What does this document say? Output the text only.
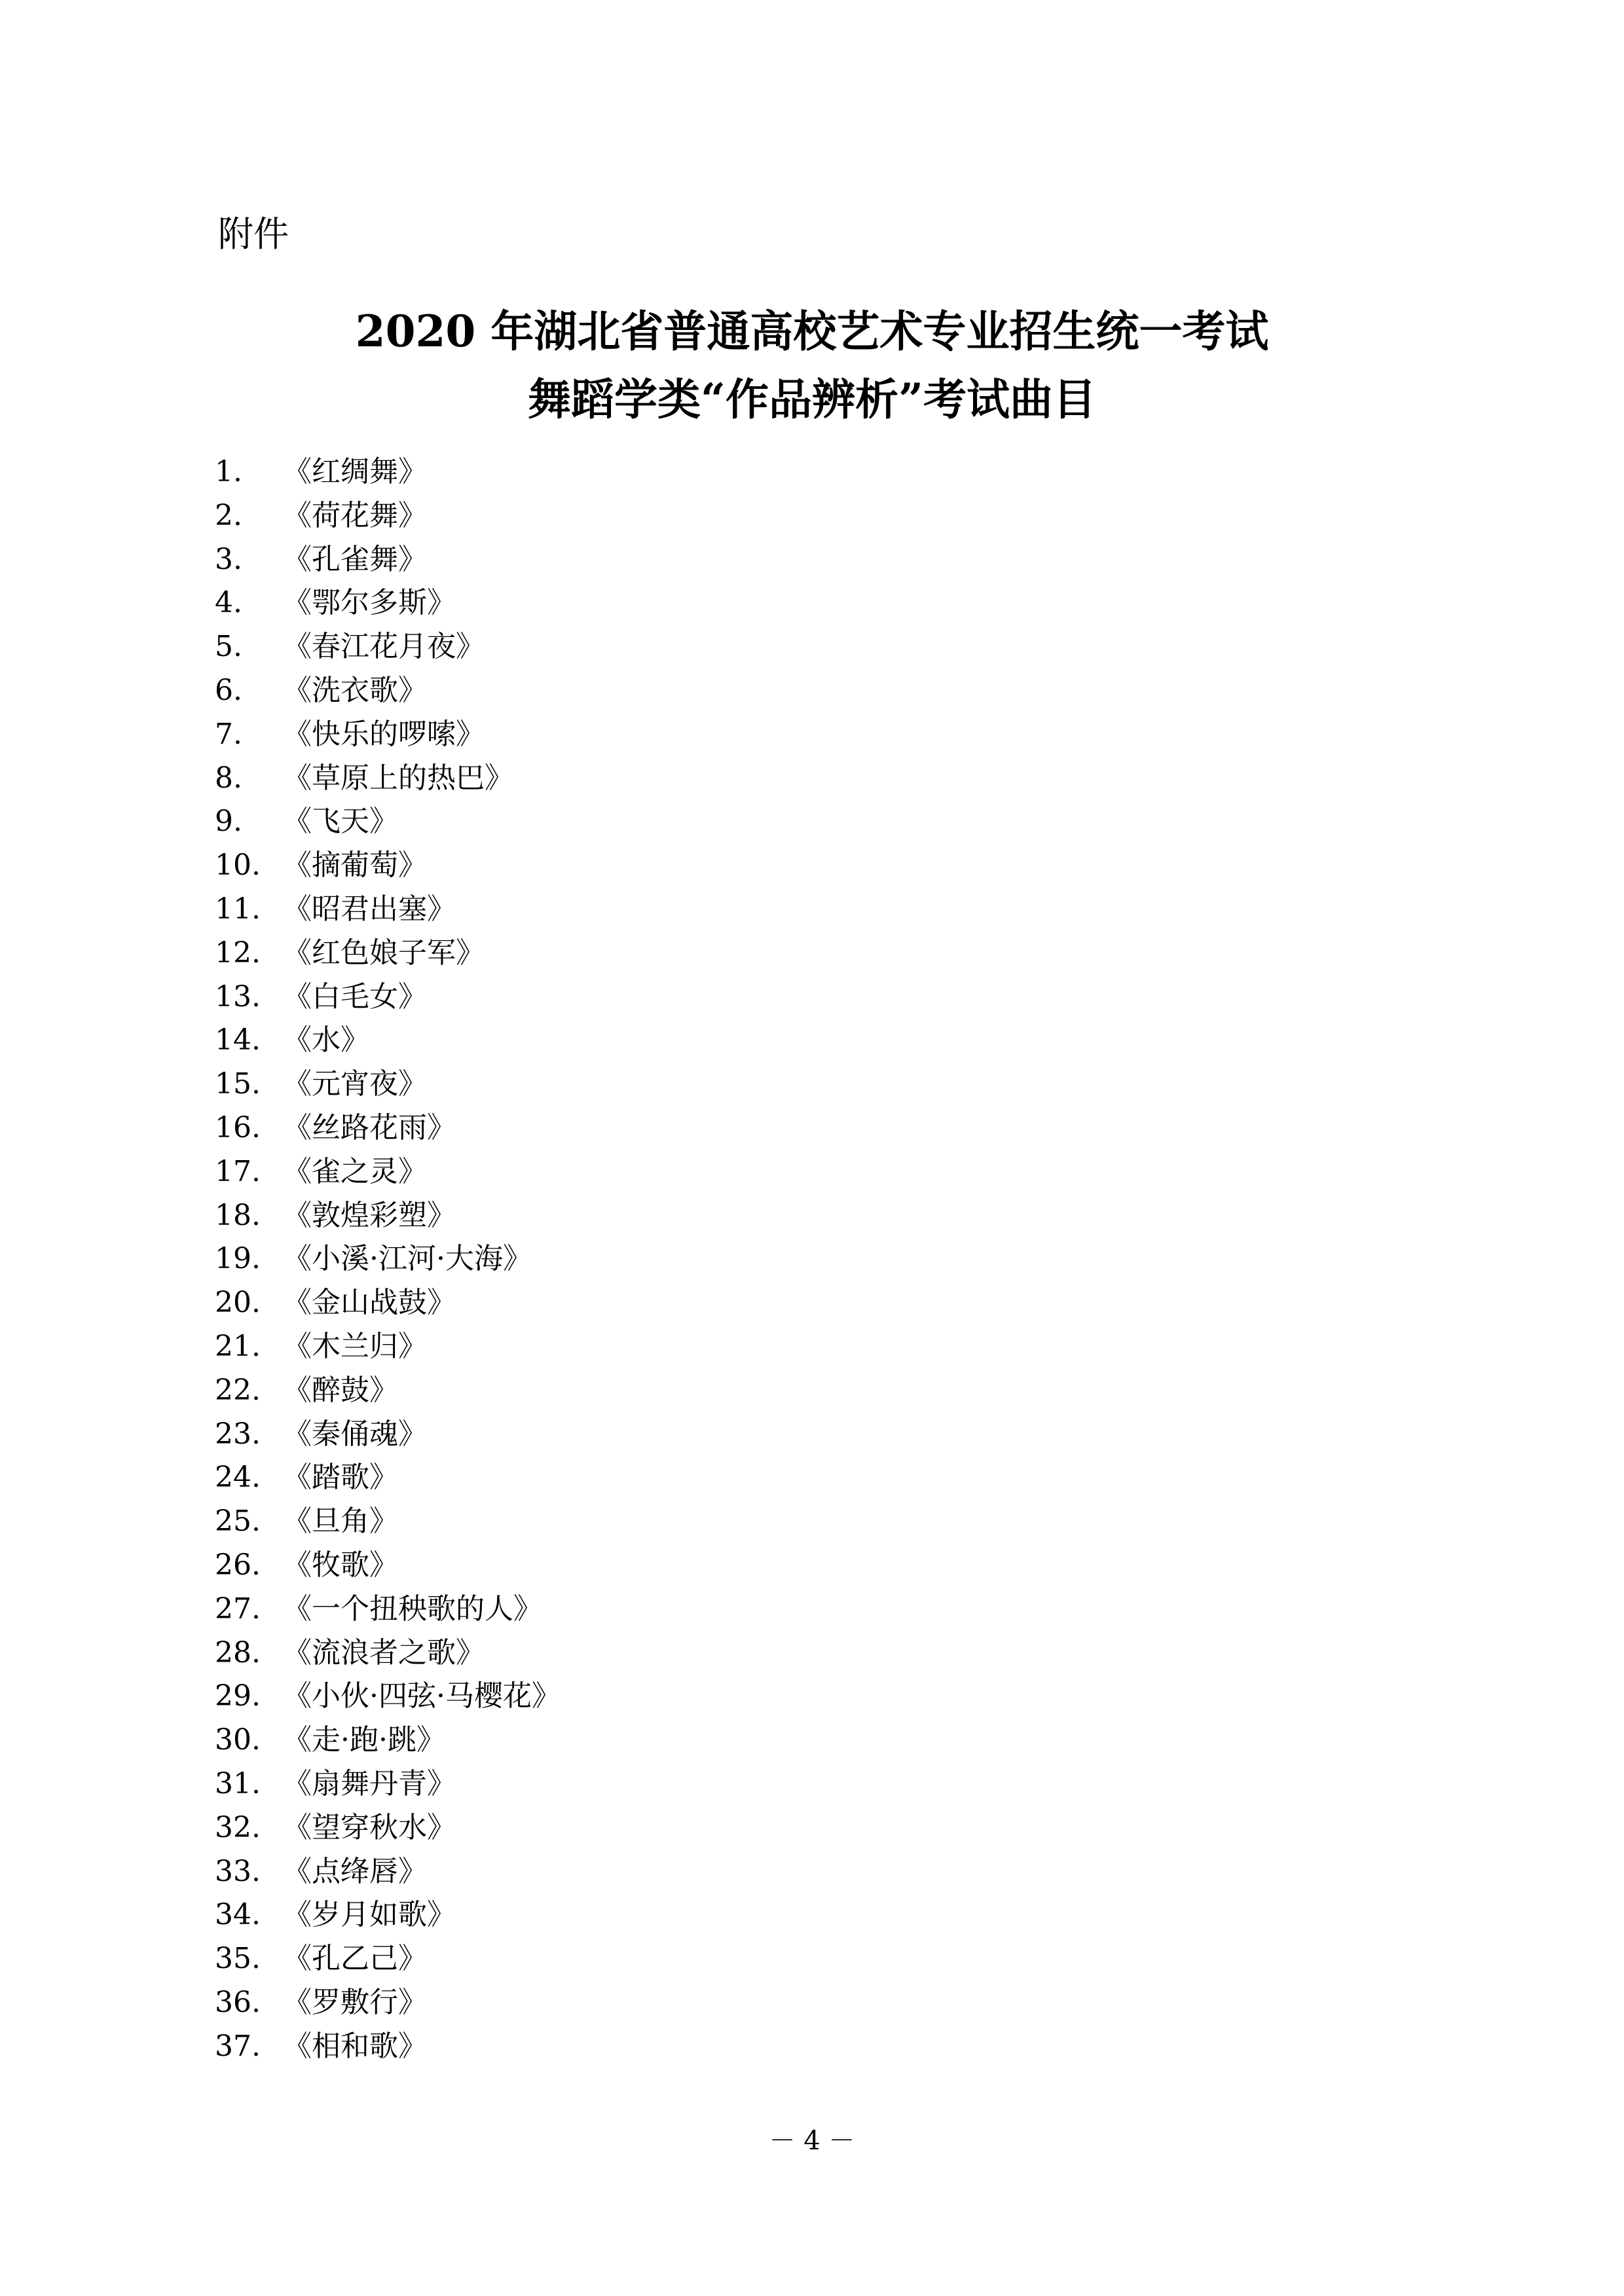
附件
2020 年湖北省普通高校艺术专业招生统一考试
舞蹈学类“作品辨析”考试曲目
1. 《红绸舞》
2. 《荷花舞》
3. 《孔雀舞》
4. 《鄂尔多斯》
5. 《春江花月夜》
6. 《洗衣歌》
7. 《快乐的啰嗦》
8. 《草原上的热巴》
9. 《飞天》
10. 《摘葡萄》
11. 《昭君出塞》
12. 《红色娘子军》
13. 《白毛女》
14. 《水》
15. 《元宵夜》
16. 《丝路花雨》
17. 《雀之灵》
18. 《敦煌彩塑》
19. 《小溪·江河·大海》
20. 《金山战鼓》
21. 《木兰归》
22. 《醉鼓》
23. 《秦俑魂》
24. 《踏歌》
25. 《旦角》
26. 《牧歌》
27. 《一个扭秧歌的人》
28. 《流浪者之歌》
29. 《小伙·四弦·马樱花》
30. 《走·跑·跳》
31. 《扇舞丹青》
32. 《望穿秋水》
33. 《点绛唇》
34. 《岁月如歌》
35. 《孔乙己》
36. 《罗敷行》
37. 《相和歌》
－ 4 －
